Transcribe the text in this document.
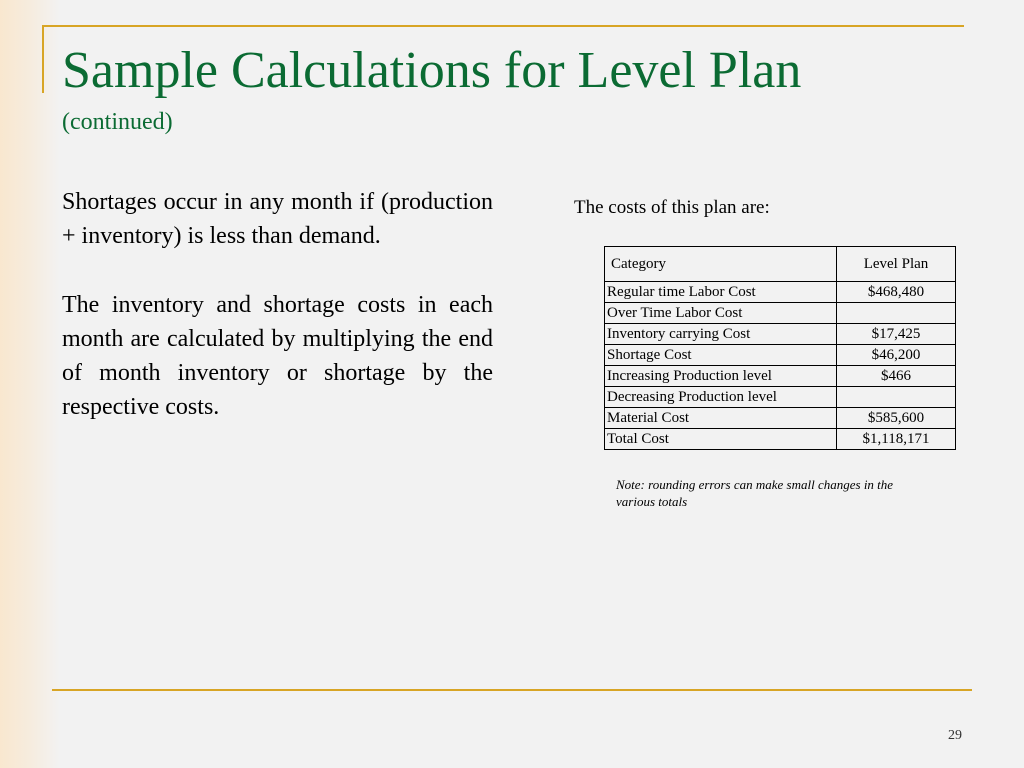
Sample Calculations for Level Plan
(continued)

Shortages occur in any month if (production + inventory) is less than demand.

The inventory and shortage costs in each month are calculated by multiplying the end of month inventory or shortage by the respective costs.

The costs of this plan are:
Category	Level Plan
Regular time Labor Cost	$468,480
Over Time Labor Cost	
Inventory carrying Cost	$17,425
Shortage Cost	$46,200
Increasing Production level	$466
Decreasing Production level	
Material Cost	$585,600
Total Cost	$1,118,171
Note: rounding errors can make small changes in the various totals
29
